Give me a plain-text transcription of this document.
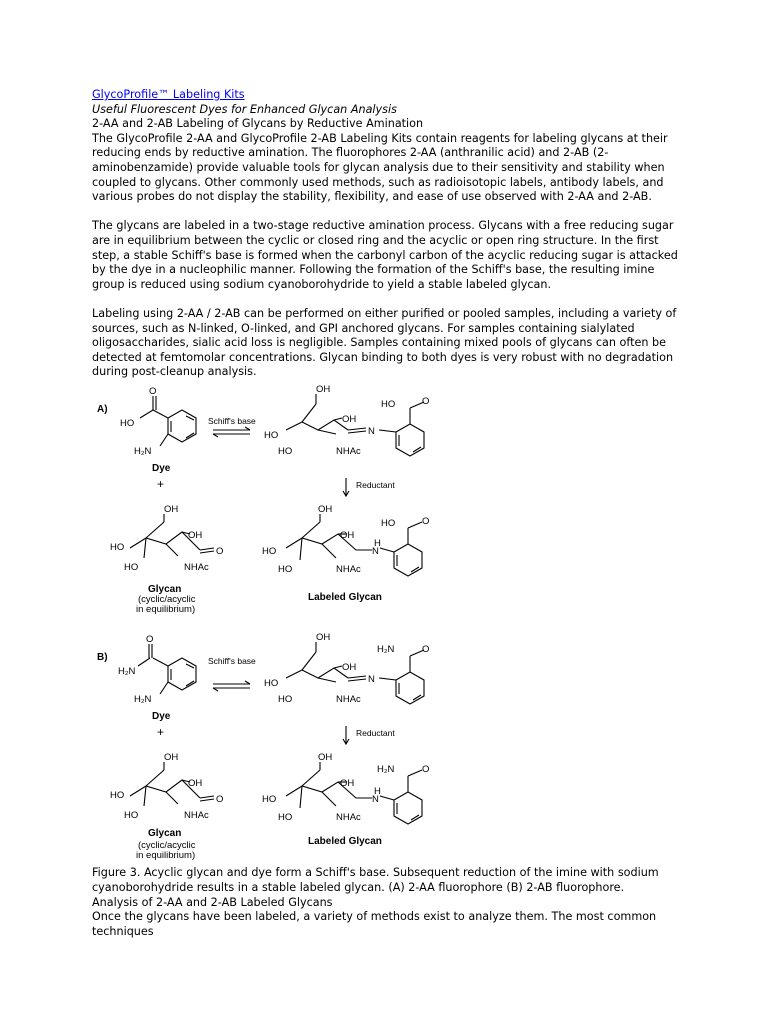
GlycoProfile™ Labeling Kits
Useful Fluorescent Dyes for Enhanced Glycan Analysis
2-AA and 2-AB Labeling of Glycans by Reductive Amination

The GlycoProfile 2-AA and GlycoProfile 2-AB Labeling Kits contain reagents for labeling glycans at their reducing ends by reductive amination. The fluorophores 2-AA (anthranilic acid) and 2-AB (2-aminobenzamide) provide valuable tools for glycan analysis due to their sensitivity and stability when coupled to glycans. Other commonly used methods, such as radioisotopic labels, antibody labels, and various probes do not display the stability, flexibility, and ease of use observed with 2-AA and 2-AB.

The glycans are labeled in a two-stage reductive amination process. Glycans with a free reducing sugar are in equilibrium between the cyclic or closed ring and the acyclic or open ring structure. In the first step, a stable Schiff's base is formed when the carbonyl carbon of the acyclic reducing sugar is attacked by the dye in a nucleophilic manner. Following the formation of the Schiff's base, the resulting imine group is reduced using sodium cyanoborohydride to yield a stable labeled glycan.

Labeling using 2-AA / 2-AB can be performed on either purified or pooled samples, including a variety of sources, such as N-linked, O-linked, and GPI anchored glycans. For samples containing sialylated oligosaccharides, sialic acid loss is negligible. Samples containing mixed pools of glycans can often be detected at femtomolar concentrations. Glycan binding to both dyes is very robust with no degradation during post-cleanup analysis.

A)
O
HO
H₂N
Dye
+
Schiff's base
OH
OH
HO
HO	NHAc
N
HO	O
Reductant
OH
OH
HO
HO	NHAc
O
Glycan
(cyclic/acyclic
in equilibrium)
OH
OH
HO
HO	NHAc
H
N
HO	O
Labeled Glycan
B)
O
H₂N
H₂N
Dye
+
Schiff's base
OH
OH
HO
HO	NHAc
N
H₂N	O
Reductant
OH
OH
HO
HO	NHAc
O
Glycan
(cyclic/acyclic
in equilibrium)
OH
OH
HO
HO	NHAc
H
N
H₂N	O
Labeled Glycan
Figure 3. Acyclic glycan and dye form a Schiff's base. Subsequent reduction of the imine with sodium cyanoborohydride results in a stable labeled glycan. (A) 2-AA fluorophore (B) 2-AB fluorophore.
Analysis of 2-AA and 2-AB Labeled Glycans
Once the glycans have been labeled, a variety of methods exist to analyze them. The most common techniques
